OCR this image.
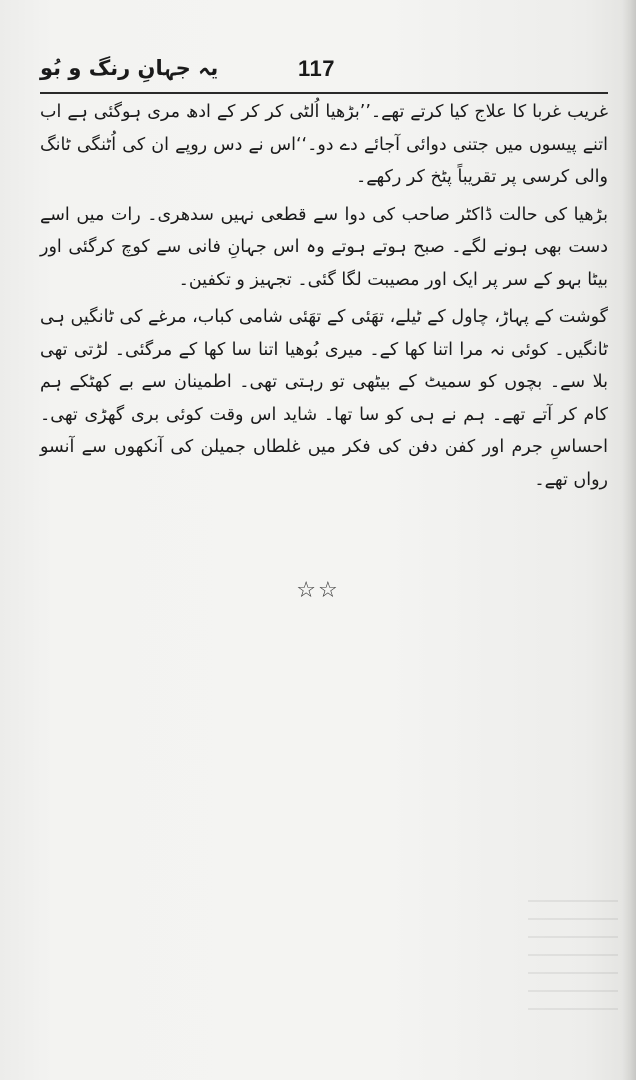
یہ جہانِ رنگ و بُو	117

غریب غربا کا علاج کیا کرتے تھے۔’’بڑھیا اُلٹی کر کر کے ادھ مری ہوگئی ہے اب اتنے پیسوں میں جتنی دوائی آجائے دے دو۔‘‘اس نے دس روپے ان کی اُٹنگی ٹانگ والی کرسی پر تقریباً پٹخ کر رکھے۔

بڑھیا کی حالت ڈاکٹر صاحب کی دوا سے قطعی نہیں سدھری۔ رات میں اسے دست بھی ہونے لگے۔ صبح ہوتے ہوتے وہ اس جہانِ فانی سے کوچ کرگئی اور بیٹا بہو کے سر پر ایک اور مصیبت لگا گئی۔ تجہیز و تکفین۔

گوشت کے پہاڑ، چاول کے ٹیلے، تھَئی کے تھَئی شامی کباب، مرغے کی ٹانگیں ہی ٹانگیں۔ کوئی نہ مرا اتنا کھا کے۔ میری بُوھیا اتنا سا کھا کے مرگئی۔ لڑتی تھی بلا سے۔ بچوں کو سمیٹ کے بیٹھی تو رہتی تھی۔ اطمینان سے بے کھٹکے ہم کام کر آتے تھے۔ ہم نے ہی کو سا تھا۔ شاید اس وقت کوئی بری گھڑی تھی۔ احساسِ جرم اور کفن دفن کی فکر میں غلطاں جمیلن کی آنکھوں سے آنسو رواں تھے۔

☆☆
